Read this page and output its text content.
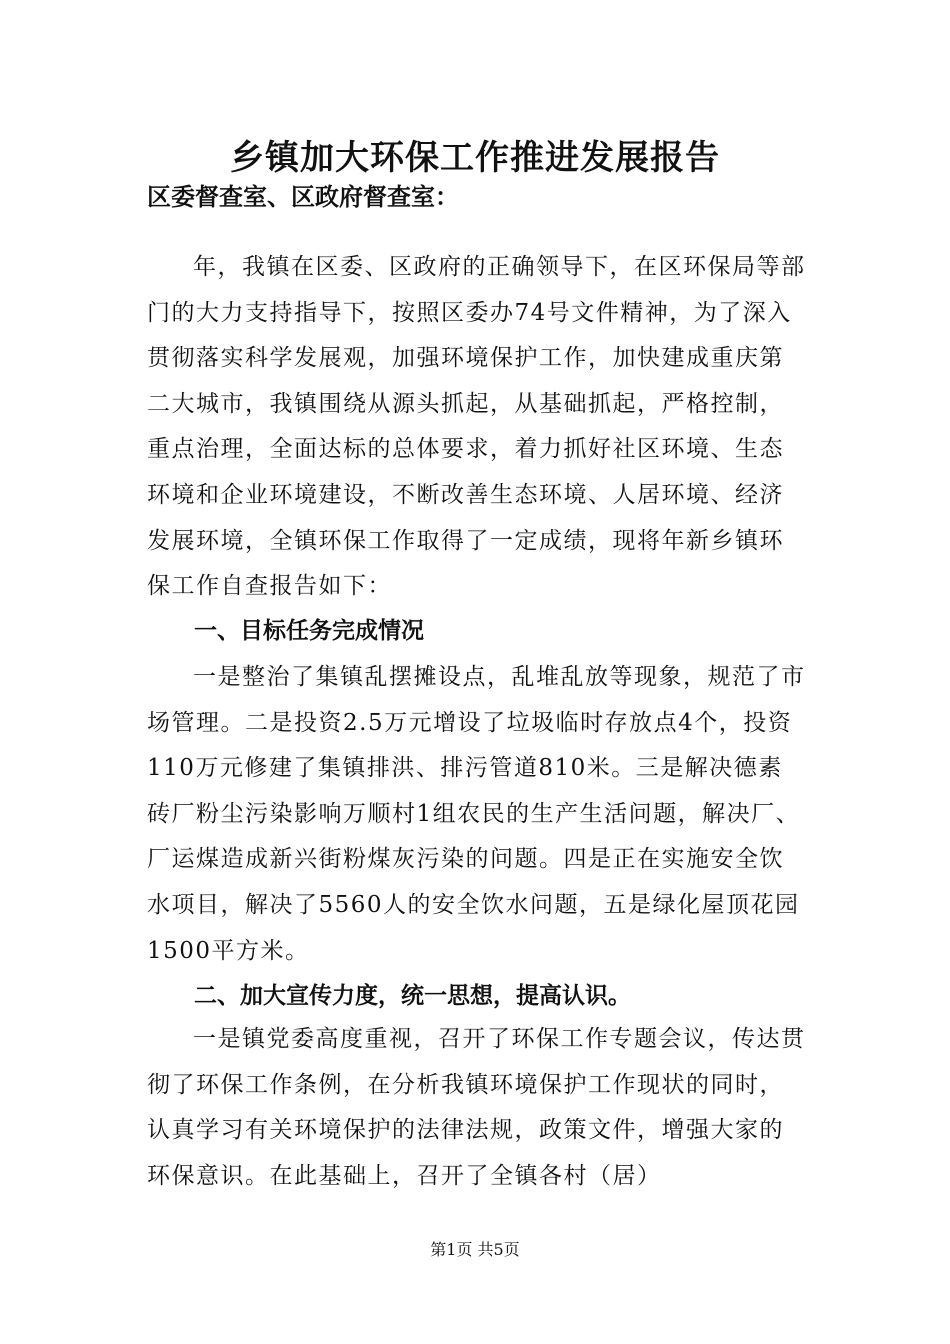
乡镇加大环保工作推进发展报告
区委督查室、区政府督查室：

年，我镇在区委、区政府的正确领导下，在区环保局等部门的大力支持指导下，按照区委办74号文件精神，为了深入贯彻落实科学发展观，加强环境保护工作，加快建成重庆第二大城市，我镇围绕从源头抓起，从基础抓起，严格控制，重点治理，全面达标的总体要求，着力抓好社区环境、生态环境和企业环境建设，不断改善生态环境、人居环境、经济发展环境，全镇环保工作取得了一定成绩，现将年新乡镇环保工作自查报告如下：

一、目标任务完成情况

一是整治了集镇乱摆摊设点，乱堆乱放等现象，规范了市场管理。二是投资2.5万元增设了垃圾临时存放点4个，投资110万元修建了集镇排洪、排污管道810米。三是解决德素砖厂粉尘污染影响万顺村1组农民的生产生活问题，解决厂、厂运煤造成新兴街粉煤灰污染的问题。四是正在实施安全饮水项目，解决了5560人的安全饮水问题，五是绿化屋顶花园1500平方米。

二、加大宣传力度，统一思想，提高认识。

一是镇党委高度重视，召开了环保工作专题会议，传达贯彻了环保工作条例，在分析我镇环境保护工作现状的同时，认真学习有关环境保护的法律法规，政策文件，增强大家的环保意识。在此基础上，召开了全镇各村（居）

第1页 共5页
